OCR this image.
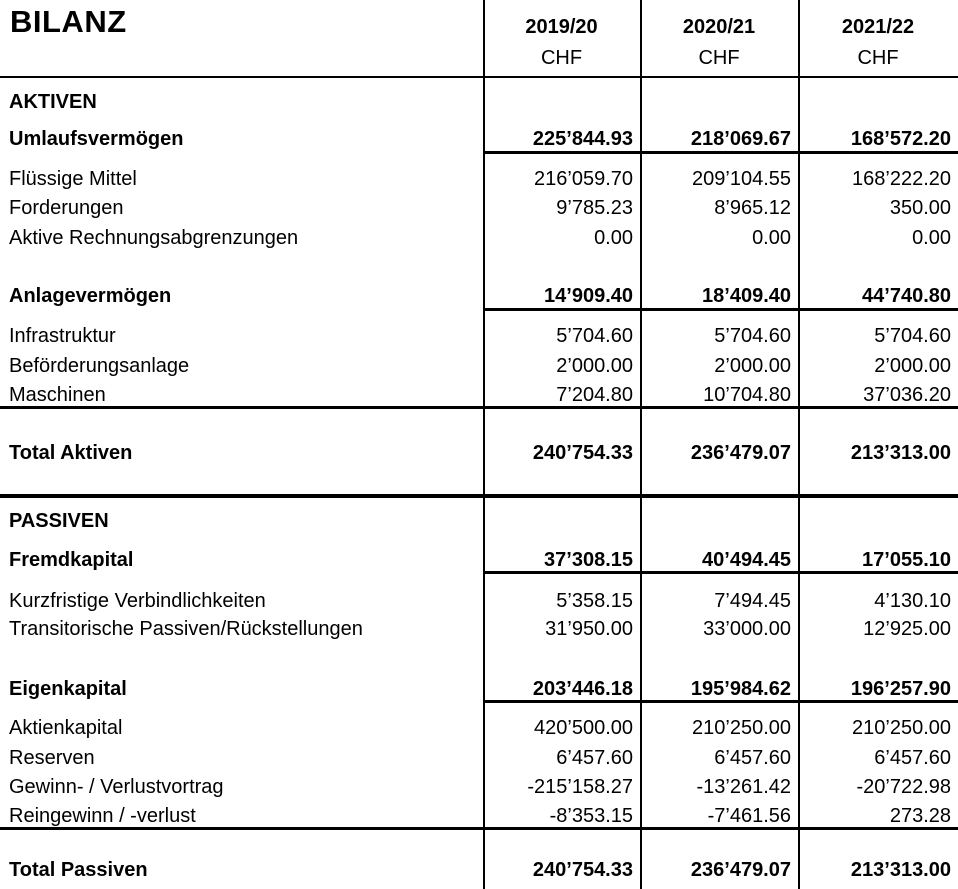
BILANZ	2019/20	2020/21	2021/22
CHF	CHF	CHF
AKTIVEN
Umlaufsvermögen	225’844.93	218’069.67	168’572.20
Flüssige Mittel	216’059.70	209’104.55	168’222.20
Forderungen	9’785.23	8’965.12	350.00
Aktive Rechnungsabgrenzungen	0.00	0.00	0.00
Anlagevermögen	14’909.40	18’409.40	44’740.80
Infrastruktur	5’704.60	5’704.60	5’704.60
Beförderungsanlage	2’000.00	2’000.00	2’000.00
Maschinen	7’204.80	10’704.80	37’036.20
Total Aktiven	240’754.33	236’479.07	213’313.00
PASSIVEN
Fremdkapital	37’308.15	40’494.45	17’055.10
Kurzfristige Verbindlichkeiten	5’358.15	7’494.45	4’130.10
Transitorische Passiven/Rückstellungen	31’950.00	33’000.00	12’925.00
Eigenkapital	203’446.18	195’984.62	196’257.90
Aktienkapital	420’500.00	210’250.00	210’250.00
Reserven	6’457.60	6’457.60	6’457.60
Gewinn- / Verlustvortrag	-215’158.27	-13’261.42	-20’722.98
Reingewinn / -verlust	-8’353.15	-7’461.56	273.28
Total Passiven	240’754.33	236’479.07	213’313.00
